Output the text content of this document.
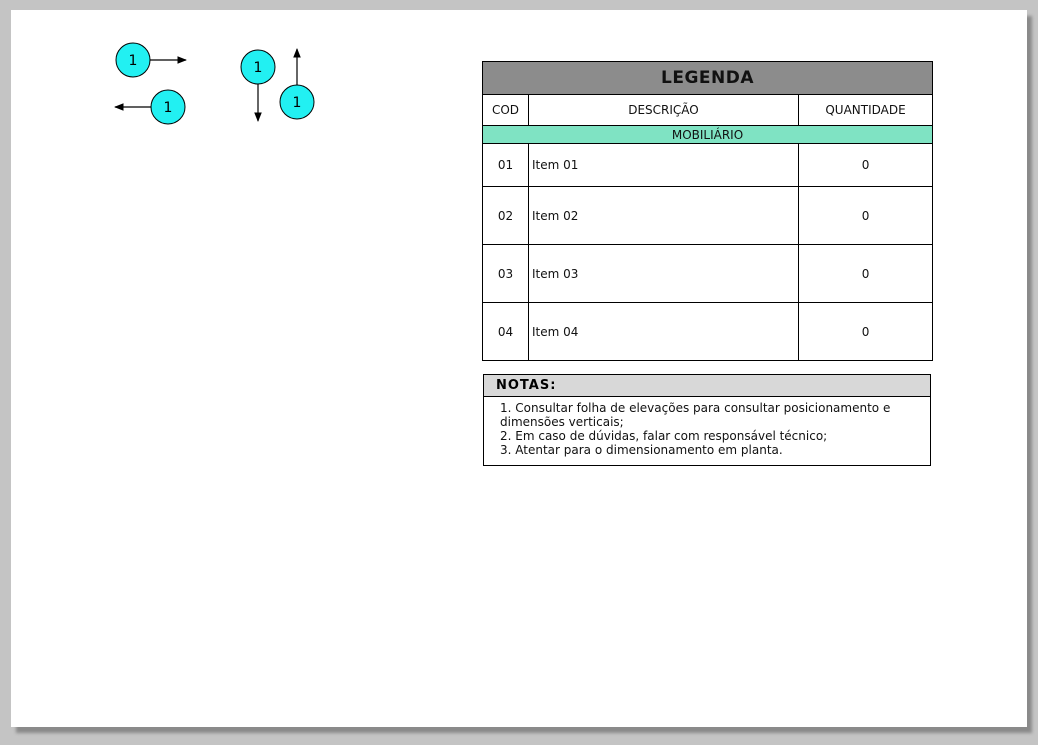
1
1
1
1
LEGENDA		
COD	DESCRIÇÃO	QUANTIDADE
MOBILIÁRIO		
01	Item 01	0
02	Item 02	0
03	Item 03	0
04	Item 04	0
NOTAS:
1. Consultar folha de elevações para consultar posicionamento e
dimensões verticais;
2. Em caso de dúvidas, falar com responsável técnico;
3. Atentar para o dimensionamento em planta.
